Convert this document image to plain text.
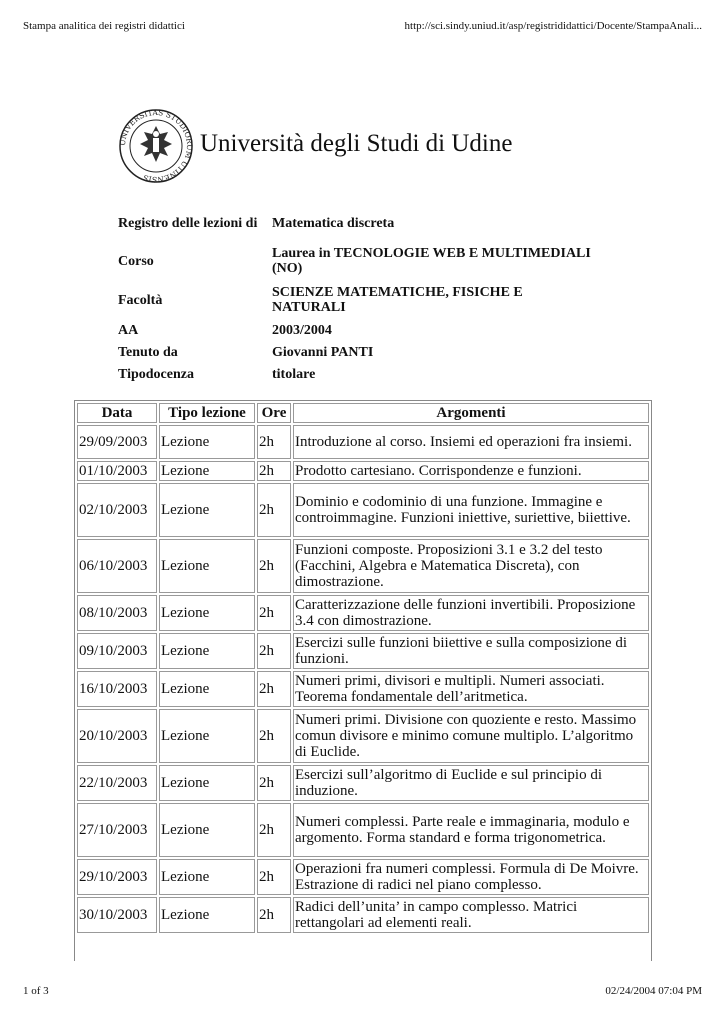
Stampa analitica dei registri didattici	http://sci.sindy.uniud.it/asp/registrididattici/Docente/StampaAnali...
UNIVERSITAS STUDIORUM UTINENSIS
Università degli Studi di Udine
Registro delle lezioni di	Matematica discreta
Corso	Laurea in TECNOLOGIE WEB E MULTIMEDIALI (NO)
Facoltà	SCIENZE MATEMATICHE, FISICHE E NATURALI
AA	2003/2004
Tenuto da	Giovanni PANTI
Tipodocenza	titolare
Data	Tipo lezione	Ore	Argomenti
29/09/2003	Lezione	2h	Introduzione al corso. Insiemi ed operazioni fra insiemi.
01/10/2003	Lezione	2h	Prodotto cartesiano. Corrispondenze e funzioni.
02/10/2003	Lezione	2h	Dominio e codominio di una funzione. Immagine e controimmagine. Funzioni iniettive, suriettive, biiettive.
06/10/2003	Lezione	2h	Funzioni composte. Proposizioni 3.1 e 3.2 del testo (Facchini, Algebra e Matematica Discreta), con dimostrazione.
08/10/2003	Lezione	2h	Caratterizzazione delle funzioni invertibili. Proposizione 3.4 con dimostrazione.
09/10/2003	Lezione	2h	Esercizi sulle funzioni biiettive e sulla composizione di funzioni.
16/10/2003	Lezione	2h	Numeri primi, divisori e multipli. Numeri associati. Teorema fondamentale dell’aritmetica.
20/10/2003	Lezione	2h	Numeri primi. Divisione con quoziente e resto. Massimo comun divisore e minimo comune multiplo. L’algoritmo di Euclide.
22/10/2003	Lezione	2h	Esercizi sull’algoritmo di Euclide e sul principio di induzione.
27/10/2003	Lezione	2h	Numeri complessi. Parte reale e immaginaria, modulo e argomento. Forma standard e forma trigonometrica.
29/10/2003	Lezione	2h	Operazioni fra numeri complessi. Formula di De Moivre. Estrazione di radici nel piano complesso.
30/10/2003	Lezione	2h	Radici dell’unita’ in campo complesso. Matrici rettangolari ad elementi reali.
1 of 3	02/24/2004 07:04 PM
